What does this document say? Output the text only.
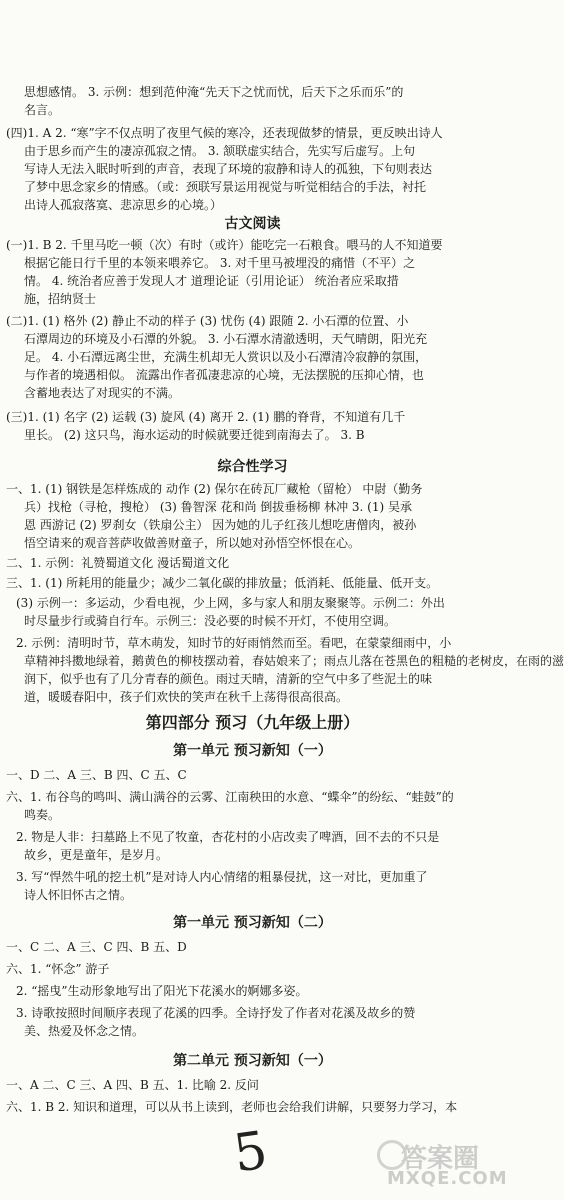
思想感情。 3. 示例：想到范仲淹“先天下之忧而忧，后天下之乐而乐”的
名言。
(四)1. A 2. “寒”字不仅点明了夜里气候的寒冷，还表现做梦的情景，更反映出诗人
由于思乡而产生的凄凉孤寂之情。 3. 颔联虚实结合，先实写后虚写。上句
写诗人无法入眠时听到的声音，表现了环境的寂静和诗人的孤独，下句则表达
了梦中思念家乡的情感。（或：颈联写景运用视觉与听觉相结合的手法，衬托
出诗人孤寂落寞、悲凉思乡的心境。）
古文阅读
(一)1. B 2. 千里马吃一顿（次）有时（或许）能吃完一石粮食。喂马的人不知道要
根据它能日行千里的本领来喂养它。 3. 对千里马被埋没的痛惜（不平）之
情。 4. 统治者应善于发现人才 道理论证（引用论证） 统治者应采取措
施，招纳贤士
(二)1. (1) 格外 (2) 静止不动的样子 (3) 忧伤 (4) 跟随 2. 小石潭的位置、小
石潭周边的环境及小石潭的外貌。 3. 小石潭水清澈透明，天气晴朗，阳光充
足。 4. 小石潭远离尘世，充满生机却无人赏识以及小石潭清冷寂静的氛围，
与作者的境遇相似。 流露出作者孤凄悲凉的心境，无法摆脱的压抑心情，也
含蓄地表达了对现实的不满。
(三)1. (1) 名字 (2) 运载 (3) 旋风 (4) 离开 2. (1) 鹏的脊背，不知道有几千
里长。 (2) 这只鸟，海水运动的时候就要迁徙到南海去了。 3. B
综合性学习
一、1. (1) 钢铁是怎样炼成的 动作 (2) 保尔在砖瓦厂藏枪（留枪） 中尉（勤务
兵）找枪（寻枪，搜枪） (3) 鲁智深 花和尚 倒拔垂杨柳 林冲 3. (1) 吴承
恩 西游记 (2) 罗刹女（铁扇公主） 因为她的儿子红孩儿想吃唐僧肉，被孙
悟空请来的观音菩萨收做善财童子，所以她对孙悟空怀恨在心。
二、1. 示例：礼赞蜀道文化 漫话蜀道文化
三、1. (1) 所耗用的能量少；减少二氧化碳的排放量；低消耗、低能量、低开支。
(3) 示例一：多运动，少看电视，少上网，多与家人和朋友聚聚等。示例二：外出
时尽量步行或骑自行车。示例三：没必要的时候不开灯，不使用空调。
2. 示例：清明时节，草木萌发，知时节的好雨悄然而至。看吧，在蒙蒙细雨中，小
草精神抖擞地绿着，鹅黄色的柳枝摆动着，春姑娘来了；雨点儿落在苍黑色的粗糙的老树皮，在雨的滋
润下，似乎也有了几分青春的颜色。雨过天晴，清新的空气中多了些泥土的味
道，暖暖春阳中，孩子们欢快的笑声在秋千上荡得很高很高。
第四部分 预习（九年级上册）
第一单元 预习新知（一）
一、D 二、A 三、B 四、C 五、C
六、1. 布谷鸟的鸣叫、满山满谷的云雾、江南秧田的水意、“蝶伞”的纷纭、“蛙鼓”的
鸣奏。
2. 物是人非：扫墓路上不见了牧童，杏花村的小店改卖了啤酒，回不去的不只是
故乡，更是童年，是岁月。
3. 写“悍然牛吼的挖土机”是对诗人内心情绪的粗暴侵扰，这一对比，更加重了
诗人怀旧怀古之情。
第一单元 预习新知（二）
一、C 二、A 三、C 四、B 五、D
六、1. “怀念” 游子
2. “摇曳”生动形象地写出了阳光下花溪水的婀娜多姿。
3. 诗歌按照时间顺序表现了花溪的四季。全诗抒发了作者对花溪及故乡的赞
美、热爱及怀念之情。
第二单元 预习新知（一）
一、A 二、C 三、A 四、B 五、1. 比喻 2. 反问
六、1. B 2. 知识和道理，可以从书上读到，老师也会给我们讲解，只要努力学习，本
5	答案圈
MXQE.COM
